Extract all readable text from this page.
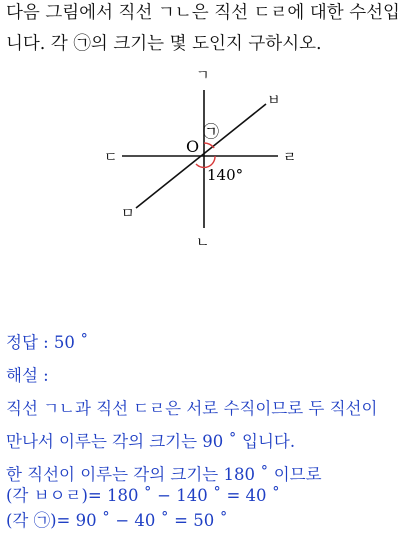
다음 그림에서 직선 ㄱㄴ은 직선 ㄷㄹ에 대한 수선입
니다. 각 ㉠의 크기는 몇 도인지 구하시오.
ㄱ
ㄴ
ㄷ	ㄹ
ㅂ
ㅁ
O
㉠
140°
정답 : 50 ˚
해설 :
직선 ㄱㄴ과 직선 ㄷㄹ은 서로 수직이므로 두 직선이
만나서 이루는 각의 크기는 90 ˚ 입니다.
한 직선이 이루는 각의 크기는 180 ˚ 이므로
(각 ㅂㅇㄹ)= 180 ˚ − 140 ˚ = 40 ˚
(각 ㉠)= 90 ˚ − 40 ˚ = 50 ˚
